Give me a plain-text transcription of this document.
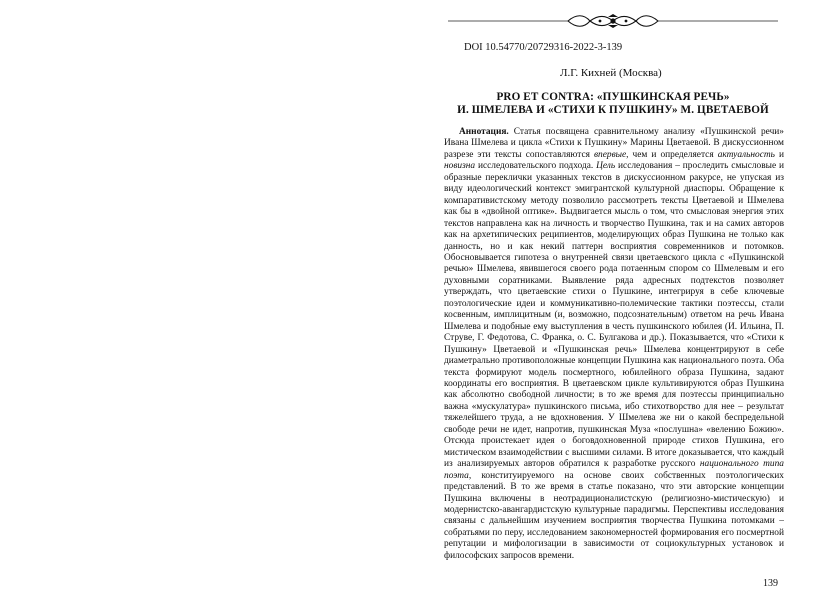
DOI 10.54770/20729316-2022-3-139
Л.Г. Кихней (Москва)
PRO ET CONTRA: «ПУШКИНСКАЯ РЕЧЬ»
И. ШМЕЛЕВА И «СТИХИ К ПУШКИНУ» М. ЦВЕТАЕВОЙ

Аннотация. Статья посвящена сравнительному анализу «Пушкинской речи» Ивана Шмелева и цикла «Стихи к Пушкину» Марины Цветаевой. В дискуссионном разрезе эти тексты сопоставляются впервые, чем и определяется актуальность и новизна исследовательского подхода. Цель исследования – проследить смысловые и образные переклички указанных текстов в дискуссионном ракурсе, не упуская из виду идеологический контекст эмигрантской культурной диаспоры. Обращение к компаративистскому методу позволило рассмотреть тексты Цветаевой и Шмелева как бы в «двойной оптике». Выдвигается мысль о том, что смысловая энергия этих текстов направлена как на личность и творчество Пушкина, так и на самих авторов как на архетипических реципиентов, моделирующих образ Пушкина не только как данность, но и как некий паттерн восприятия современников и потомков. Обосновывается гипотеза о внутренней связи цветаевского цикла с «Пушкинской речью» Шмелева, явившегося своего рода потаенным спором со Шмелевым и его духовными соратниками. Выявление ряда адресных подтекстов позволяет утверждать, что цветаевские стихи о Пушкине, интегрируя в себе ключевые поэтологические идеи и коммуникативно-полемические тактики поэтессы, стали косвенным, имплицитным (и, возможно, подсознательным) ответом на речь Ивана Шмелева и подобные ему выступления в честь пушкинского юбилея (И. Ильина, П. Струве, Г. Федотова, С. Франка, о. С. Булгакова и др.). Показывается, что «Стихи к Пушкину» Цветаевой и «Пушкинская речь» Шмелева концентрируют в себе диаметрально противоположные концепции Пушкина как национального поэта. Оба текста формируют модель посмертного, юбилейного образа Пушкина, задают координаты его восприятия. В цветаевском цикле культивируются образ Пушкина как абсолютно свободной личности; в то же время для поэтессы принципиально важна «мускулатура» пушкинского письма, ибо стихотворство для нее – результат тяжелейшего труда, а не вдохновения. У Шмелева же ни о какой беспредельной свободе речи не идет, напротив, пушкинская Муза «послушна» «велению Божию». Отсюда проистекает идея о боговдохновенной природе стихов Пушкина, его мистическом взаимодействии с высшими силами. В итоге доказывается, что каждый из анализируемых авторов обратился к разработке русского национального типа поэта, конституируемого на основе своих собственных поэтологических представлений. В то же время в статье показано, что эти авторские концепции Пушкина включены в неотрадиционалистскую (религиозно-мистическую) и модернистско-авангардистскую культурные парадигмы. Перспективы исследования связаны с дальнейшим изучением восприятия творчества Пушкина потомками – собратьями по перу, исследованием закономерностей формирования его посмертной репутации и мифологизации в зависимости от социокультурных установок и философских запросов времени.

139
